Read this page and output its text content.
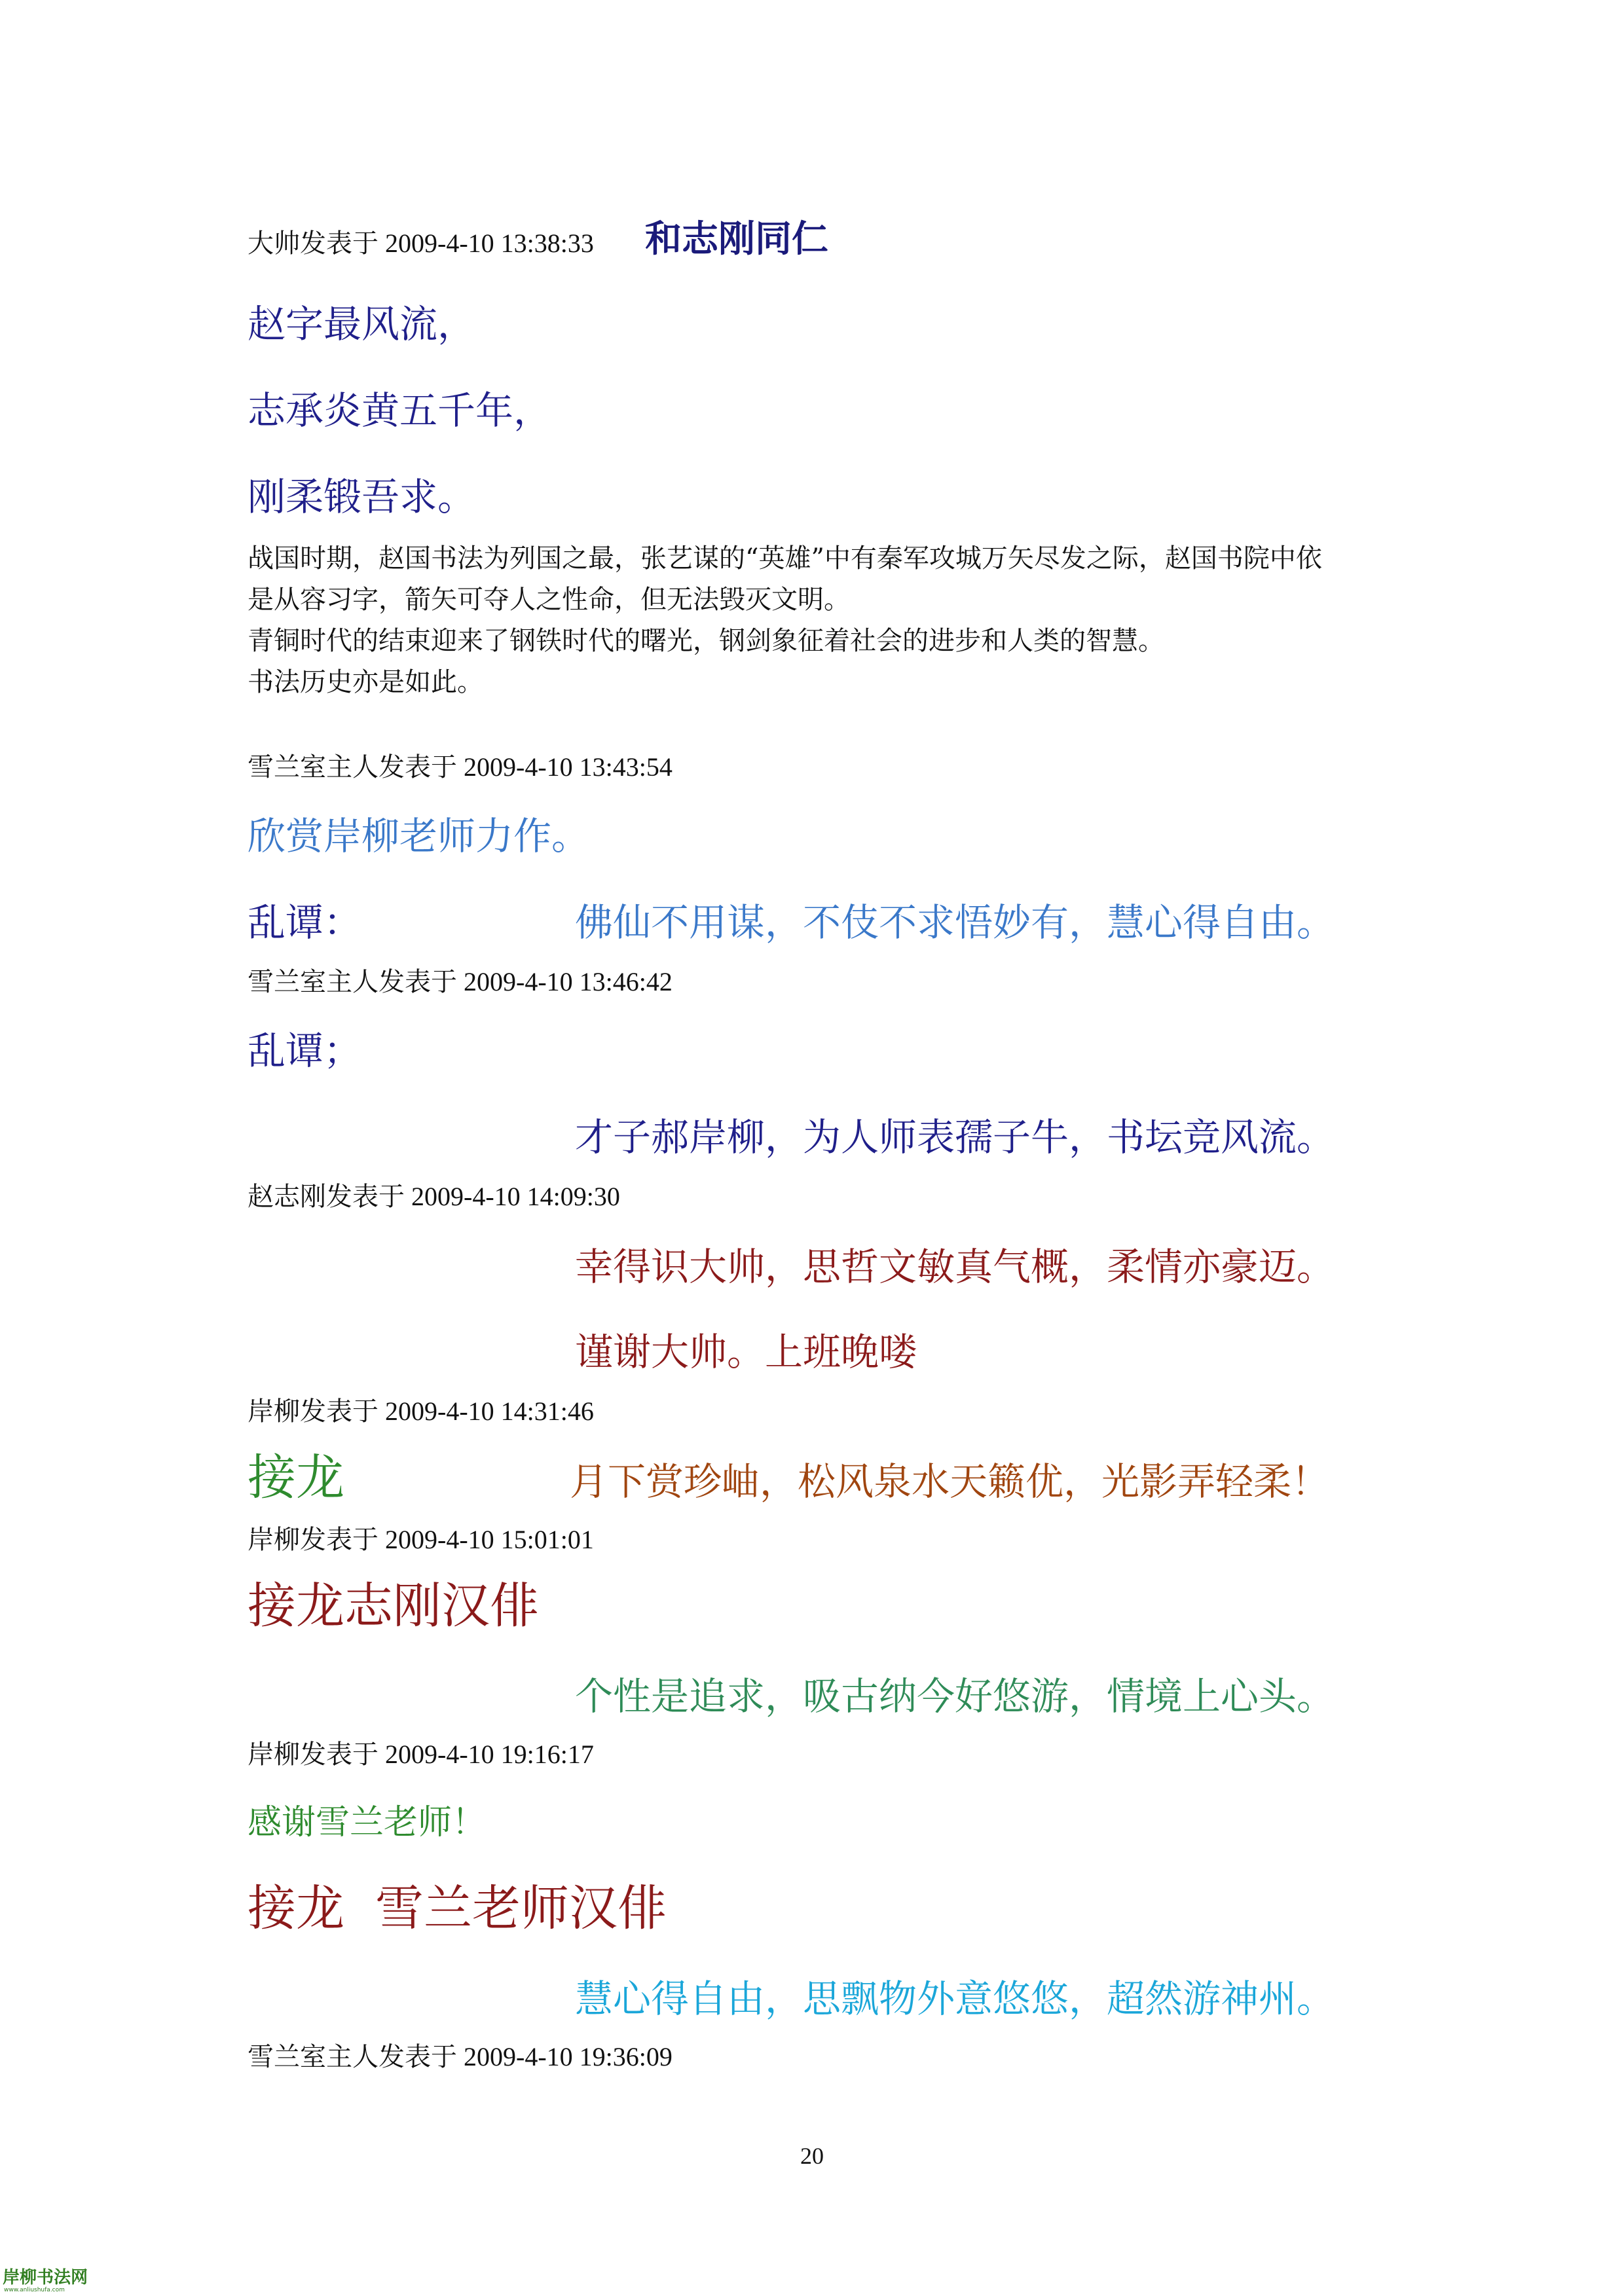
大帅发表于 2009-4-10 13:38:33 和志刚同仁
赵字最风流，
志承炎黄五千年，
刚柔锻吾求。
战国时期，赵国书法为列国之最，张艺谋的“英雄”中有秦军攻城万矢尽发之际，赵国书院中依
是从容习字，箭矢可夺人之性命，但无法毁灭文明。
青铜时代的结束迎来了钢铁时代的曙光，钢剑象征着社会的进步和人类的智慧。
书法历史亦是如此。
雪兰室主人发表于 2009-4-10 13:43:54
欣赏岸柳老师力作。
乱谭：	佛仙不用谋，不伎不求悟妙有，慧心得自由。
雪兰室主人发表于 2009-4-10 13:46:42
乱谭；
才子郝岸柳，为人师表孺子牛，书坛竞风流。
赵志刚发表于 2009-4-10 14:09:30
幸得识大帅，思哲文敏真气概，柔情亦豪迈。
谨谢大帅。上班晚喽
岸柳发表于 2009-4-10 14:31:46
接龙	月下赏珍岫，松风泉水天籁优，光影弄轻柔！
岸柳发表于 2009-4-10 15:01:01
接龙志刚汉俳
个性是追求，吸古纳今好悠游，情境上心头。
岸柳发表于 2009-4-10 19:16:17
感谢雪兰老师！
接龙  雪兰老师汉俳
慧心得自由，思飘物外意悠悠，超然游神州。
雪兰室主人发表于 2009-4-10 19:36:09
20
岸柳书法网
www.anliushufa.com
